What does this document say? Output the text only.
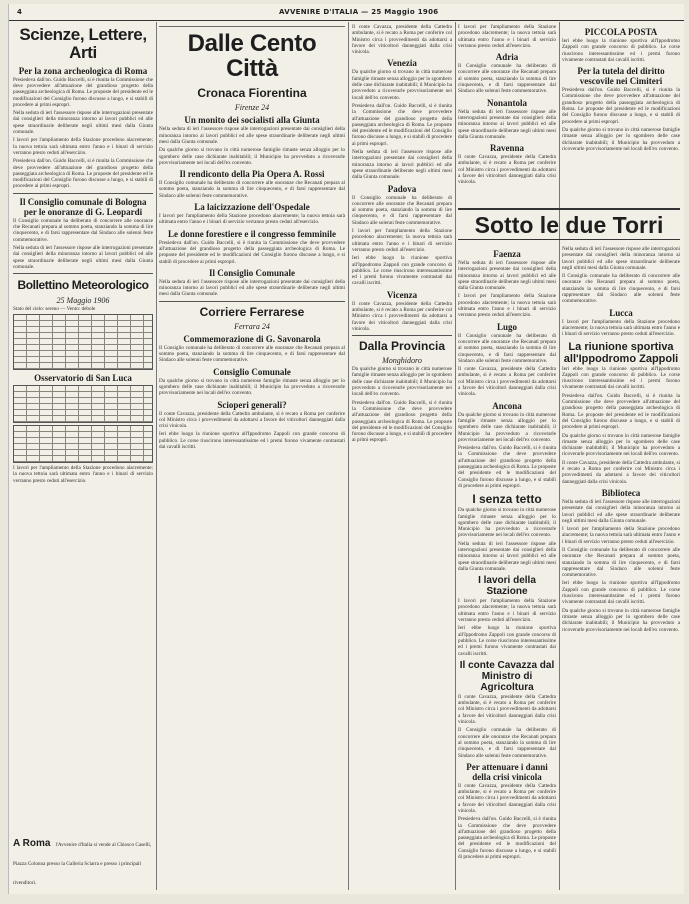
4	AVVENIRE D'ITALIA — 25 Maggio 1906
Scienze, Lettere, Arti
Per la zona archeologica di Roma

Presiedeva dall'on. Guido Baccelli, si è riunita la Commissione che deve provvedere all'attuazione del grandioso progetto della passeggiata archeologica di Roma. Le proposte del presidente ed le modificazioni del Consiglio furono discusse a lungo, e si stabilì di procedere ai primi espropri.

Nella seduta di ieri l'assessore rispose alle interrogazioni presentate dai consiglieri della minoranza intorno ai lavori pubblici ed alle spese straordinarie deliberate negli ultimi mesi dalla Giunta comunale.

I lavori per l'ampliamento della Stazione procedono alacremente; la nuova tettoia sarà ultimata entro l'anno e i binari di servizio verranno presto ceduti all'esercizio.

Presiedeva dall'on. Guido Baccelli, si è riunita la Commissione che deve provvedere all'attuazione del grandioso progetto della passeggiata archeologica di Roma. Le proposte del presidente ed le modificazioni del Consiglio furono discusse a lungo, e si stabilì di procedere ai primi espropri.

Il Consiglio comunale di Bologna per le onoranze di G. Leopardi

Il Consiglio comunale ha deliberato di concorrere alle onoranze che Recanati prepara al sommo poeta, stanziando la somma di lire cinquecento, e di farsi rappresentare dal Sindaco alle solenni feste commemorative.

Nella seduta di ieri l'assessore rispose alle interrogazioni presentate dai consiglieri della minoranza intorno ai lavori pubblici ed alle spese straordinarie deliberate negli ultimi mesi dalla Giunta comunale.

Bollettino Meteorologico
25 Maggio 1906

Stato del cielo: sereno — Vento: debole

Osservatorio di San Luca

I lavori per l'ampliamento della Stazione procedono alacremente; la nuova tettoia sarà ultimata entro l'anno e i binari di servizio verranno presto ceduti all'esercizio.

A Roma l'Avvenire d'Italia si vende al Chiosco Caselli, Piazza Colonna presso la Galleria Sciarra e presso i principali rivenditori.

Dalle Cento Città
Cronaca Fiorentina
Firenze 24
Un monito dei socialisti alla Giunta

Nella seduta di ieri l'assessore rispose alle interrogazioni presentate dai consiglieri della minoranza intorno ai lavori pubblici ed alle spese straordinarie deliberate negli ultimi mesi dalla Giunta comunale.

Da qualche giorno si trovano in città numerose famiglie rimaste senza alloggio per lo sgombero delle case dichiarate inabitabili; il Municipio ha provveduto a ricoverarle provvisoriamente nei locali dell'ex convento.

Il rendiconto della Pia Opera A. Rossi

Il Consiglio comunale ha deliberato di concorrere alle onoranze che Recanati prepara al sommo poeta, stanziando la somma di lire cinquecento, e di farsi rappresentare dal Sindaco alle solenni feste commemorative.

La laicizzazione dell'Ospedale

I lavori per l'ampliamento della Stazione procedono alacremente; la nuova tettoia sarà ultimata entro l'anno e i binari di servizio verranno presto ceduti all'esercizio.

Le donne forestiere e il congresso femminile

Presiedeva dall'on. Guido Baccelli, si è riunita la Commissione che deve provvedere all'attuazione del grandioso progetto della passeggiata archeologica di Roma. Le proposte del presidente ed le modificazioni del Consiglio furono discusse a lungo, e si stabilì di procedere ai primi espropri.

Il Consiglio Comunale

Nella seduta di ieri l'assessore rispose alle interrogazioni presentate dai consiglieri della minoranza intorno ai lavori pubblici ed alle spese straordinarie deliberate negli ultimi mesi dalla Giunta comunale.

Corriere Ferrarese
Ferrara 24
Commemorazione di G. Savonarola

Il Consiglio comunale ha deliberato di concorrere alle onoranze che Recanati prepara al sommo poeta, stanziando la somma di lire cinquecento, e di farsi rappresentare dal Sindaco alle solenni feste commemorative.

Consiglio Comunale

Da qualche giorno si trovano in città numerose famiglie rimaste senza alloggio per lo sgombero delle case dichiarate inabitabili; il Municipio ha provveduto a ricoverarle provvisoriamente nei locali dell'ex convento.

Scioperi generali?

Il conte Cavazza, presidente della Cattedra ambulante, si è recato a Roma per conferire col Ministro circa i provvedimenti da adottarsi a favore dei viticoltori danneggiati dalla crisi vinicola.

Ieri ebbe luogo la riunione sportiva all'Ippodromo Zappoli con grande concorso di pubblico. Le corse riuscirono interessantissime ed i premi furono vivamente contrastati dai cavalli iscritti.

Il conte Cavazza, presidente della Cattedra ambulante, si è recato a Roma per conferire col Ministro circa i provvedimenti da adottarsi a favore dei viticoltori danneggiati dalla crisi vinicola.

Venezia

Da qualche giorno si trovano in città numerose famiglie rimaste senza alloggio per lo sgombero delle case dichiarate inabitabili; il Municipio ha provveduto a ricoverarle provvisoriamente nei locali dell'ex convento.

Presiedeva dall'on. Guido Baccelli, si è riunita la Commissione che deve provvedere all'attuazione del grandioso progetto della passeggiata archeologica di Roma. Le proposte del presidente ed le modificazioni del Consiglio furono discusse a lungo, e si stabilì di procedere ai primi espropri.

Nella seduta di ieri l'assessore rispose alle interrogazioni presentate dai consiglieri della minoranza intorno ai lavori pubblici ed alle spese straordinarie deliberate negli ultimi mesi dalla Giunta comunale.

Padova

Il Consiglio comunale ha deliberato di concorrere alle onoranze che Recanati prepara al sommo poeta, stanziando la somma di lire cinquecento, e di farsi rappresentare dal Sindaco alle solenni feste commemorative.

I lavori per l'ampliamento della Stazione procedono alacremente; la nuova tettoia sarà ultimata entro l'anno e i binari di servizio verranno presto ceduti all'esercizio.

Ieri ebbe luogo la riunione sportiva all'Ippodromo Zappoli con grande concorso di pubblico. Le corse riuscirono interessantissime ed i premi furono vivamente contrastati dai cavalli iscritti.

Vicenza

Il conte Cavazza, presidente della Cattedra ambulante, si è recato a Roma per conferire col Ministro circa i provvedimenti da adottarsi a favore dei viticoltori danneggiati dalla crisi vinicola.

Dalla Provincia
Monghidoro

Da qualche giorno si trovano in città numerose famiglie rimaste senza alloggio per lo sgombero delle case dichiarate inabitabili; il Municipio ha provveduto a ricoverarle provvisoriamente nei locali dell'ex convento.

Presiedeva dall'on. Guido Baccelli, si è riunita la Commissione che deve provvedere all'attuazione del grandioso progetto della passeggiata archeologica di Roma. Le proposte del presidente ed le modificazioni del Consiglio furono discusse a lungo, e si stabilì di procedere ai primi espropri.

I lavori per l'ampliamento della Stazione procedono alacremente; la nuova tettoia sarà ultimata entro l'anno e i binari di servizio verranno presto ceduti all'esercizio.

Adria

Il Consiglio comunale ha deliberato di concorrere alle onoranze che Recanati prepara al sommo poeta, stanziando la somma di lire cinquecento, e di farsi rappresentare dal Sindaco alle solenni feste commemorative.

Nonantola

Nella seduta di ieri l'assessore rispose alle interrogazioni presentate dai consiglieri della minoranza intorno ai lavori pubblici ed alle spese straordinarie deliberate negli ultimi mesi dalla Giunta comunale.

Ravenna

Il conte Cavazza, presidente della Cattedra ambulante, si è recato a Roma per conferire col Ministro circa i provvedimenti da adottarsi a favore dei viticoltori danneggiati dalla crisi vinicola.

PICCOLA POSTA

Ieri ebbe luogo la riunione sportiva all'Ippodromo Zappoli con grande concorso di pubblico. Le corse riuscirono interessantissime ed i premi furono vivamente contrastati dai cavalli iscritti.

Per la tutela del diritto vescovile nei Cimiteri

Presiedeva dall'on. Guido Baccelli, si è riunita la Commissione che deve provvedere all'attuazione del grandioso progetto della passeggiata archeologica di Roma. Le proposte del presidente ed le modificazioni del Consiglio furono discusse a lungo, e si stabilì di procedere ai primi espropri.

Da qualche giorno si trovano in città numerose famiglie rimaste senza alloggio per lo sgombero delle case dichiarate inabitabili; il Municipio ha provveduto a ricoverarle provvisoriamente nei locali dell'ex convento.

Sotto le due Torri
Faenza

Nella seduta di ieri l'assessore rispose alle interrogazioni presentate dai consiglieri della minoranza intorno ai lavori pubblici ed alle spese straordinarie deliberate negli ultimi mesi dalla Giunta comunale.

I lavori per l'ampliamento della Stazione procedono alacremente; la nuova tettoia sarà ultimata entro l'anno e i binari di servizio verranno presto ceduti all'esercizio.

Lugo

Il Consiglio comunale ha deliberato di concorrere alle onoranze che Recanati prepara al sommo poeta, stanziando la somma di lire cinquecento, e di farsi rappresentare dal Sindaco alle solenni feste commemorative.

Il conte Cavazza, presidente della Cattedra ambulante, si è recato a Roma per conferire col Ministro circa i provvedimenti da adottarsi a favore dei viticoltori danneggiati dalla crisi vinicola.

Ancona

Da qualche giorno si trovano in città numerose famiglie rimaste senza alloggio per lo sgombero delle case dichiarate inabitabili; il Municipio ha provveduto a ricoverarle provvisoriamente nei locali dell'ex convento.

Presiedeva dall'on. Guido Baccelli, si è riunita la Commissione che deve provvedere all'attuazione del grandioso progetto della passeggiata archeologica di Roma. Le proposte del presidente ed le modificazioni del Consiglio furono discusse a lungo, e si stabilì di procedere ai primi espropri.

I senza tetto

Da qualche giorno si trovano in città numerose famiglie rimaste senza alloggio per lo sgombero delle case dichiarate inabitabili; il Municipio ha provveduto a ricoverarle provvisoriamente nei locali dell'ex convento.

Nella seduta di ieri l'assessore rispose alle interrogazioni presentate dai consiglieri della minoranza intorno ai lavori pubblici ed alle spese straordinarie deliberate negli ultimi mesi dalla Giunta comunale.

I lavori della Stazione

I lavori per l'ampliamento della Stazione procedono alacremente; la nuova tettoia sarà ultimata entro l'anno e i binari di servizio verranno presto ceduti all'esercizio.

Ieri ebbe luogo la riunione sportiva all'Ippodromo Zappoli con grande concorso di pubblico. Le corse riuscirono interessantissime ed i premi furono vivamente contrastati dai cavalli iscritti.

Il conte Cavazza dal Ministro di Agricoltura

Il conte Cavazza, presidente della Cattedra ambulante, si è recato a Roma per conferire col Ministro circa i provvedimenti da adottarsi a favore dei viticoltori danneggiati dalla crisi vinicola.

Il Consiglio comunale ha deliberato di concorrere alle onoranze che Recanati prepara al sommo poeta, stanziando la somma di lire cinquecento, e di farsi rappresentare dal Sindaco alle solenni feste commemorative.

Per attenuare i danni della crisi vinicola

Il conte Cavazza, presidente della Cattedra ambulante, si è recato a Roma per conferire col Ministro circa i provvedimenti da adottarsi a favore dei viticoltori danneggiati dalla crisi vinicola.

Presiedeva dall'on. Guido Baccelli, si è riunita la Commissione che deve provvedere all'attuazione del grandioso progetto della passeggiata archeologica di Roma. Le proposte del presidente ed le modificazioni del Consiglio furono discusse a lungo, e si stabilì di procedere ai primi espropri.

Nella seduta di ieri l'assessore rispose alle interrogazioni presentate dai consiglieri della minoranza intorno ai lavori pubblici ed alle spese straordinarie deliberate negli ultimi mesi dalla Giunta comunale.

Il Consiglio comunale ha deliberato di concorrere alle onoranze che Recanati prepara al sommo poeta, stanziando la somma di lire cinquecento, e di farsi rappresentare dal Sindaco alle solenni feste commemorative.

Lucca

I lavori per l'ampliamento della Stazione procedono alacremente; la nuova tettoia sarà ultimata entro l'anno e i binari di servizio verranno presto ceduti all'esercizio.

La riunione sportiva all'Ippodromo Zappoli

Ieri ebbe luogo la riunione sportiva all'Ippodromo Zappoli con grande concorso di pubblico. Le corse riuscirono interessantissime ed i premi furono vivamente contrastati dai cavalli iscritti.

Presiedeva dall'on. Guido Baccelli, si è riunita la Commissione che deve provvedere all'attuazione del grandioso progetto della passeggiata archeologica di Roma. Le proposte del presidente ed le modificazioni del Consiglio furono discusse a lungo, e si stabilì di procedere ai primi espropri.

Da qualche giorno si trovano in città numerose famiglie rimaste senza alloggio per lo sgombero delle case dichiarate inabitabili; il Municipio ha provveduto a ricoverarle provvisoriamente nei locali dell'ex convento.

Il conte Cavazza, presidente della Cattedra ambulante, si è recato a Roma per conferire col Ministro circa i provvedimenti da adottarsi a favore dei viticoltori danneggiati dalla crisi vinicola.

Biblioteca

Nella seduta di ieri l'assessore rispose alle interrogazioni presentate dai consiglieri della minoranza intorno ai lavori pubblici ed alle spese straordinarie deliberate negli ultimi mesi dalla Giunta comunale.

I lavori per l'ampliamento della Stazione procedono alacremente; la nuova tettoia sarà ultimata entro l'anno e i binari di servizio verranno presto ceduti all'esercizio.

Il Consiglio comunale ha deliberato di concorrere alle onoranze che Recanati prepara al sommo poeta, stanziando la somma di lire cinquecento, e di farsi rappresentare dal Sindaco alle solenni feste commemorative.

Ieri ebbe luogo la riunione sportiva all'Ippodromo Zappoli con grande concorso di pubblico. Le corse riuscirono interessantissime ed i premi furono vivamente contrastati dai cavalli iscritti.

Da qualche giorno si trovano in città numerose famiglie rimaste senza alloggio per lo sgombero delle case dichiarate inabitabili; il Municipio ha provveduto a ricoverarle provvisoriamente nei locali dell'ex convento.
